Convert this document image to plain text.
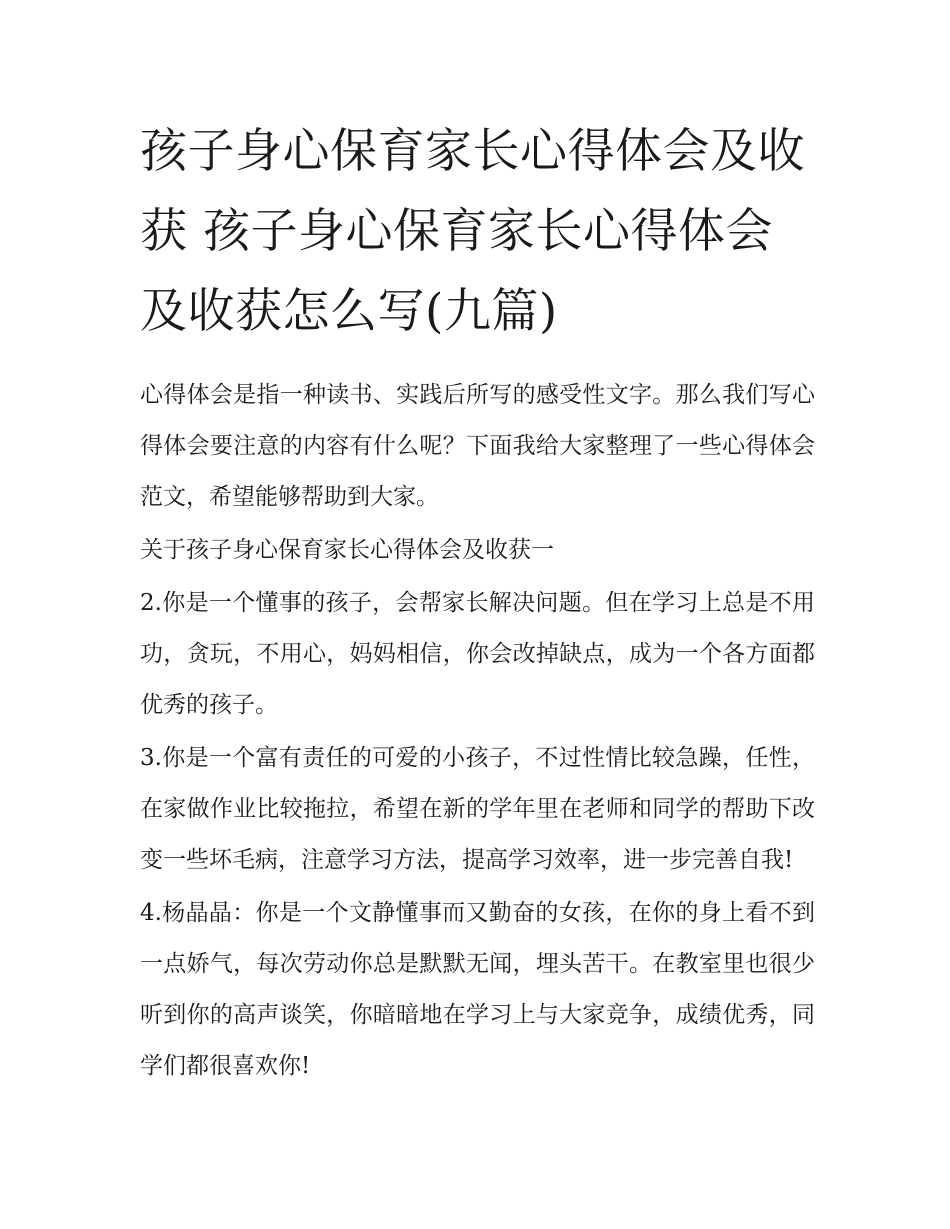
孩子身心保育家长心得体会及收获 孩子身心保育家长心得体会及收获怎么写(九篇)

心得体会是指一种读书、实践后所写的感受性文字。那么我们写心得体会要注意的内容有什么呢？下面我给大家整理了一些心得体会范文，希望能够帮助到大家。

关于孩子身心保育家长心得体会及收获一

2.你是一个懂事的孩子，会帮家长解决问题。但在学习上总是不用功，贪玩，不用心，妈妈相信，你会改掉缺点，成为一个各方面都优秀的孩子。

3.你是一个富有责任的可爱的小孩子，不过性情比较急躁，任性，在家做作业比较拖拉，希望在新的学年里在老师和同学的帮助下改变一些坏毛病，注意学习方法，提高学习效率，进一步完善自我!

4.杨晶晶：你是一个文静懂事而又勤奋的女孩，在你的身上看不到一点娇气，每次劳动你总是默默无闻，埋头苦干。在教室里也很少听到你的高声谈笑，你暗暗地在学习上与大家竞争，成绩优秀，同学们都很喜欢你!
